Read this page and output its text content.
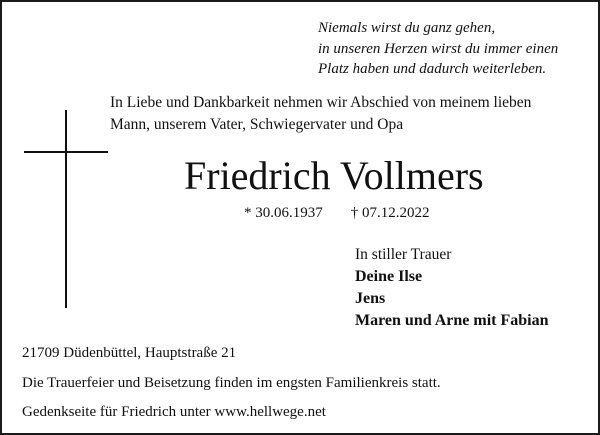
Niemals wirst du ganz gehen,
in unseren Herzen wirst du immer einen
Platz haben und dadurch weiterleben.
In Liebe und Dankbarkeit nehmen wir Abschied von meinem lieben
Mann, unserem Vater, Schwiegervater und Opa
Friedrich Vollmers
* 30.06.1937 † 07.12.2022
In stiller Trauer
Deine Ilse
Jens
Maren und Arne mit Fabian
21709 Düdenbüttel, Hauptstraße 21
Die Trauerfeier und Beisetzung finden im engsten Familienkreis statt.
Gedenkseite für Friedrich unter www.hellwege.net
